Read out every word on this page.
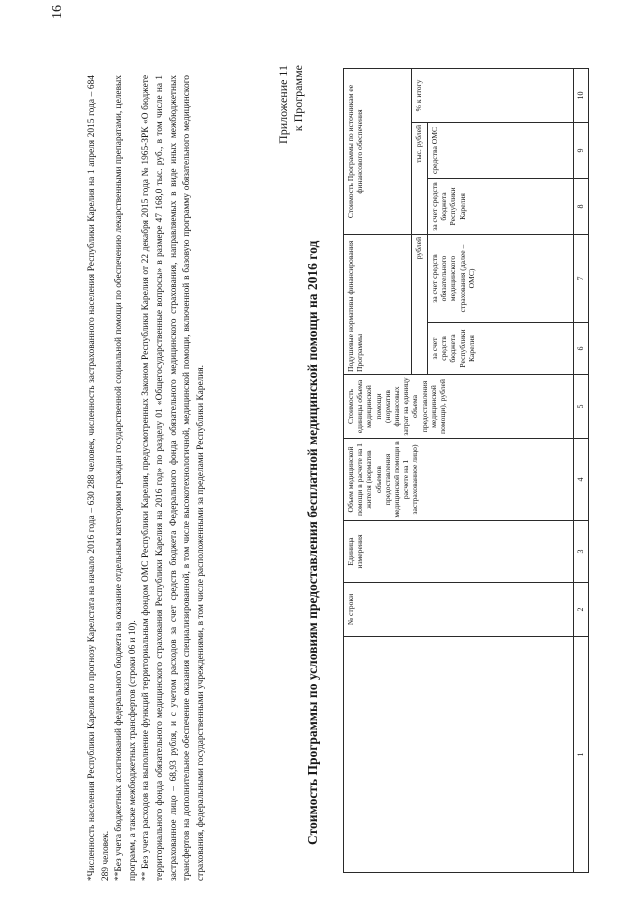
16

*Численность населения Республики Карелия по прогнозу Карелстата на начало 2016 года – 630 288 человек, численность застрахованного населения Республики Карелия на 1 апреля 2015 года – 684 289 человек. **Без учета бюджетных ассигнований федерального бюджета на оказание отдельным категориям граждан государственной социальной помощи по обеспечению лекарственными препаратами, целевых программ, а также межбюджетных трансфертов (строки 06 и 10). ** Без учета расходов на выполнение функций территориальным фондом ОМС Республики Карелия, предусмотренных Законом Республики Карелия от 22 декабря 2015 года № 1965-ЗРК «О бюджете территориального фонда обязательного медицинского страхования Республики Карелия на 2016 год» по разделу 01 «Общегосударственные вопросы» в размере 47 168,0 тыс. руб., в том числе на 1 застрахованное лицо – 68,93 рубля, и с учетом расходов за счет средств бюджета Федерального фонда обязательного медицинского страхования, направляемых в виде иных межбюджетных трансфертов на дополнительное обеспечение оказания специализированной, в том числе высокотехнологичной, медицинской помощи, включенной в базовую программу обязательного медицинского страхования, федеральными государственными учреждениями, в том числе расположенными за пределами Республики Карелия.

Приложение 11 к Программе
Стоимость Программы по условиям предоставления бесплатной медицинской помощи на 2016 год
		№ строки	Единица измерения	Объем медицинской помощи в расчете на 1 жителя (норматив объемов предоставления медицинской помощи в расчете на 1 застрахованное лицо)	Стоимость единицы объема медицинской помощи (норматив финансовых затрат на единицу объема предоставления медицинской помощи), рублей	Подушевые нормативы финансирования Программы		Стоимость Программы по источникам ее финансового обеспечения		
					рублей		тыс. рублей		% к итогу
					за счет средств бюджета Республики Карелия	за счет средств обязательного медицинского страхования (далее – ОМС)	за счет средств бюджета Республики Карелия	средства ОМС	
1	2	3	4	5	6	7	8	9	10
